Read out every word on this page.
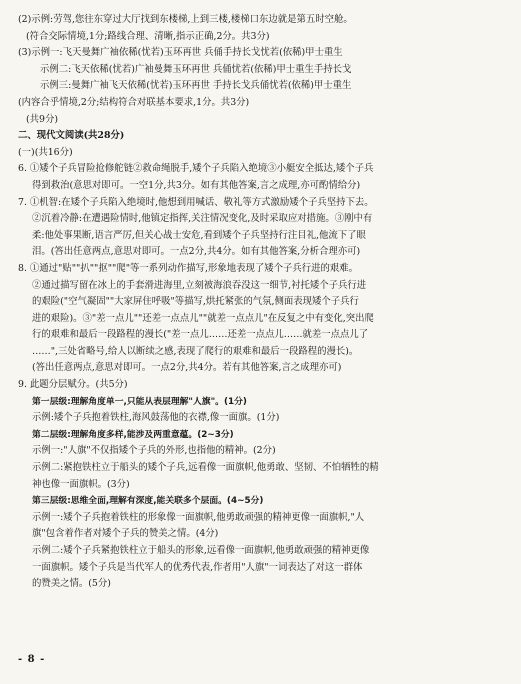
(2)示例:劳驾,您往东穿过大厅找到东楼梯,上到三楼,楼梯口东边就是第五时空舱。
(符合交际情境,1分;路线合理、清晰,指示正确,2分。共3分)
(3)示例一:飞天曼舞广袖依稀(忧若)玉环再世 兵俑手持长戈忧若(依稀)甲士重生
示例二:飞天依稀(忧若)广袖曼舞玉环再世 兵俑忧若(依稀)甲士重生手持长戈
示例三:曼舞广袖飞天依稀(忧若)玉环再世 手持长戈兵俑忧若(依稀)甲士重生
(内容合乎情境,2分;结构符合对联基本要求,1分。共3分)
(共9分)
二、现代文阅读(共28分)
(一)(共16分)
6. ①矮个子兵冒险抢修舵链②救命绳脱手,矮个子兵陷入绝境③小艇安全抵达,矮个子兵
得到救治(意思对即可。一空1分,共3分。如有其他答案,言之成理,亦可酌情给分)
7. ①机智:在矮个子兵陷入绝境时,他想到用喊话、敬礼等方式激励矮个子兵坚持下去。
②沉着冷静:在遭遇险情时,他镇定指挥,关注情况变化,及时采取应对措施。③刚中有
柔:他处事果断,语言严厉,但关心战士安危,看到矮个子兵坚持行注目礼,他流下了眼
泪。(答出任意两点,意思对即可。一点2分,共4分。如有其他答案,分析合理亦可)
8. ①通过"贴""扒""抠""爬"等一系列动作描写,形象地表现了矮个子兵行进的艰难。
②通过描写留在冰上的手套滑进海里,立刻被海浪吞没这一细节,衬托矮个子兵行进
的艰险("空气凝固""大家屏住呼吸"等描写,烘托紧张的气氛,侧面表现矮个子兵行
进的艰险)。③"差一点儿""还差一点点儿""就差一点点儿"在反复之中有变化,突出爬
行的艰难和最后一段路程的漫长("差一点儿……还差一点点儿……就差一点点儿了
……",三处省略号,给人以断续之感,表现了爬行的艰难和最后一段路程的漫长)。
(答出任意两点,意思对即可。一点2分,共4分。若有其他答案,言之成理亦可)
9. 此题分层赋分。(共5分)
第一层级:理解角度单一,只能从表层理解"人旗"。(1分)
示例:矮个子兵抱着铁柱,海风鼓荡他的衣襟,像一面旗。(1分)
第二层级:理解角度多样,能涉及两重意蕴。(2~3分)
示例一:"人旗"不仅指矮个子兵的外形,也指他的精神。(2分)
示例二:紧抱铁柱立于船头的矮个子兵,远看像一面旗帜,他勇敢、坚韧、不怕牺牲的精
神也像一面旗帜。(3分)
第三层级:思维全面,理解有深度,能关联多个层面。(4~5分)
示例一:矮个子兵抱着铁柱的形象像一面旗帜,他勇敢顽强的精神更像一面旗帜,"人
旗"包含着作者对矮个子兵的赞美之情。(4分)
示例二:矮个子兵紧抱铁柱立于船头的形象,远看像一面旗帜,他勇敢顽强的精神更像
一面旗帜。矮个子兵是当代军人的优秀代表,作者用"人旗"一词表达了对这一群体
的赞美之情。(5分)
- 8 -
